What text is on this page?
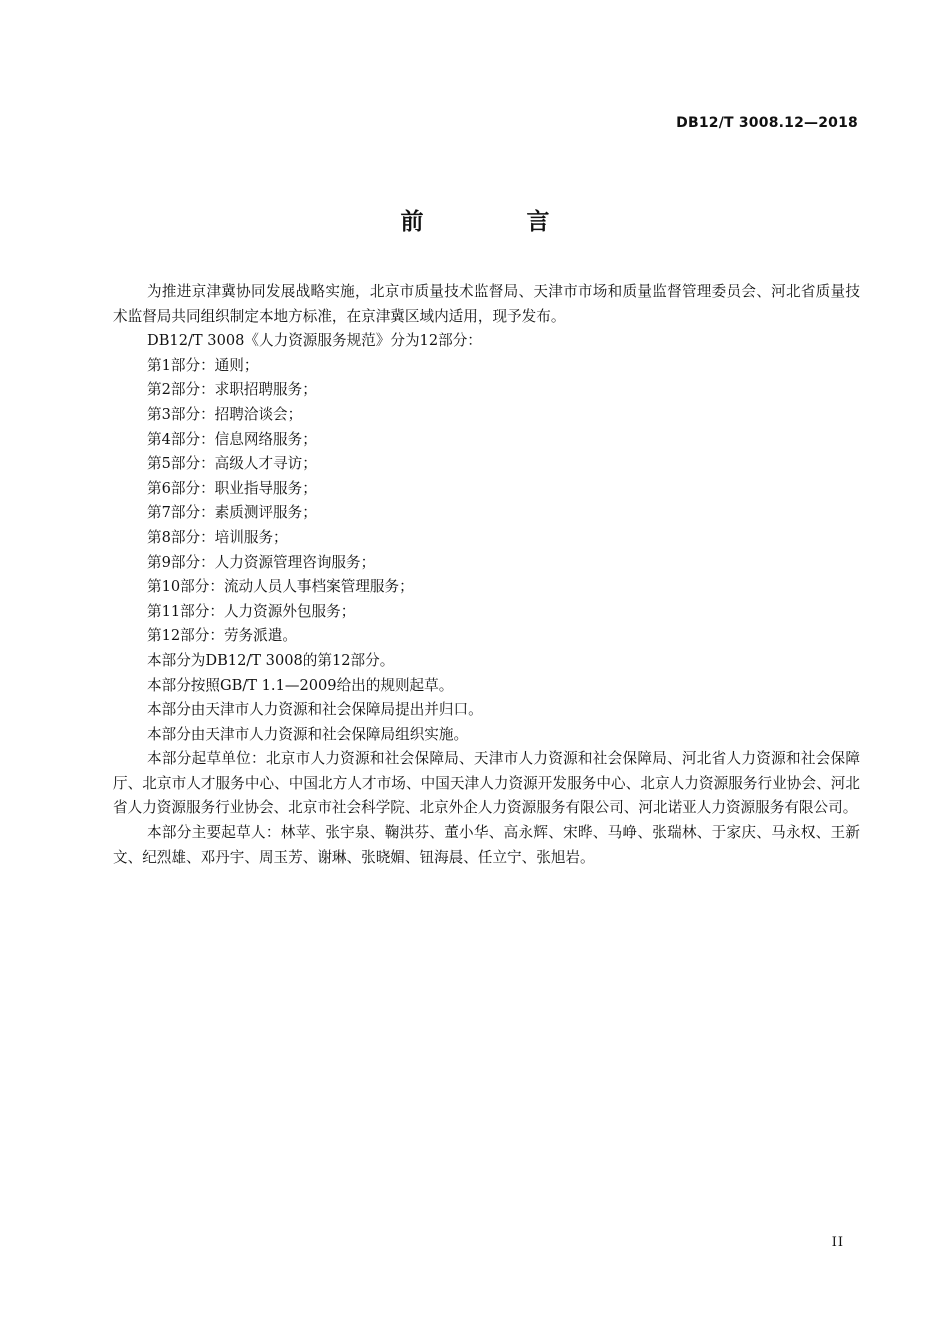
DB12/T 3008.12—2018
前　言

为推进京津冀协同发展战略实施，北京市质量技术监督局、天津市市场和质量监督管理委员会、河北省质量技术监督局共同组织制定本地方标准，在京津冀区域内适用，现予发布。

DB12/T 3008《人力资源服务规范》分为12部分：

第1部分：通则；

第2部分：求职招聘服务；

第3部分：招聘洽谈会；

第4部分：信息网络服务；

第5部分：高级人才寻访；

第6部分：职业指导服务；

第7部分：素质测评服务；

第8部分：培训服务；

第9部分：人力资源管理咨询服务；

第10部分：流动人员人事档案管理服务；

第11部分：人力资源外包服务；

第12部分：劳务派遣。

本部分为DB12/T 3008的第12部分。

本部分按照GB/T 1.1—2009给出的规则起草。

本部分由天津市人力资源和社会保障局提出并归口。

本部分由天津市人力资源和社会保障局组织实施。

本部分起草单位：北京市人力资源和社会保障局、天津市人力资源和社会保障局、河北省人力资源和社会保障厅、北京市人才服务中心、中国北方人才市场、中国天津人力资源开发服务中心、北京人力资源服务行业协会、河北省人力资源服务行业协会、北京市社会科学院、北京外企人力资源服务有限公司、河北诺亚人力资源服务有限公司。

本部分主要起草人：林苹、张宇泉、鞠洪芬、董小华、高永辉、宋晔、马峥、张瑞林、于家庆、马永权、王新文、纪烈雄、邓丹宇、周玉芳、谢琳、张晓媚、钮海晨、任立宁、张旭岩。

II
